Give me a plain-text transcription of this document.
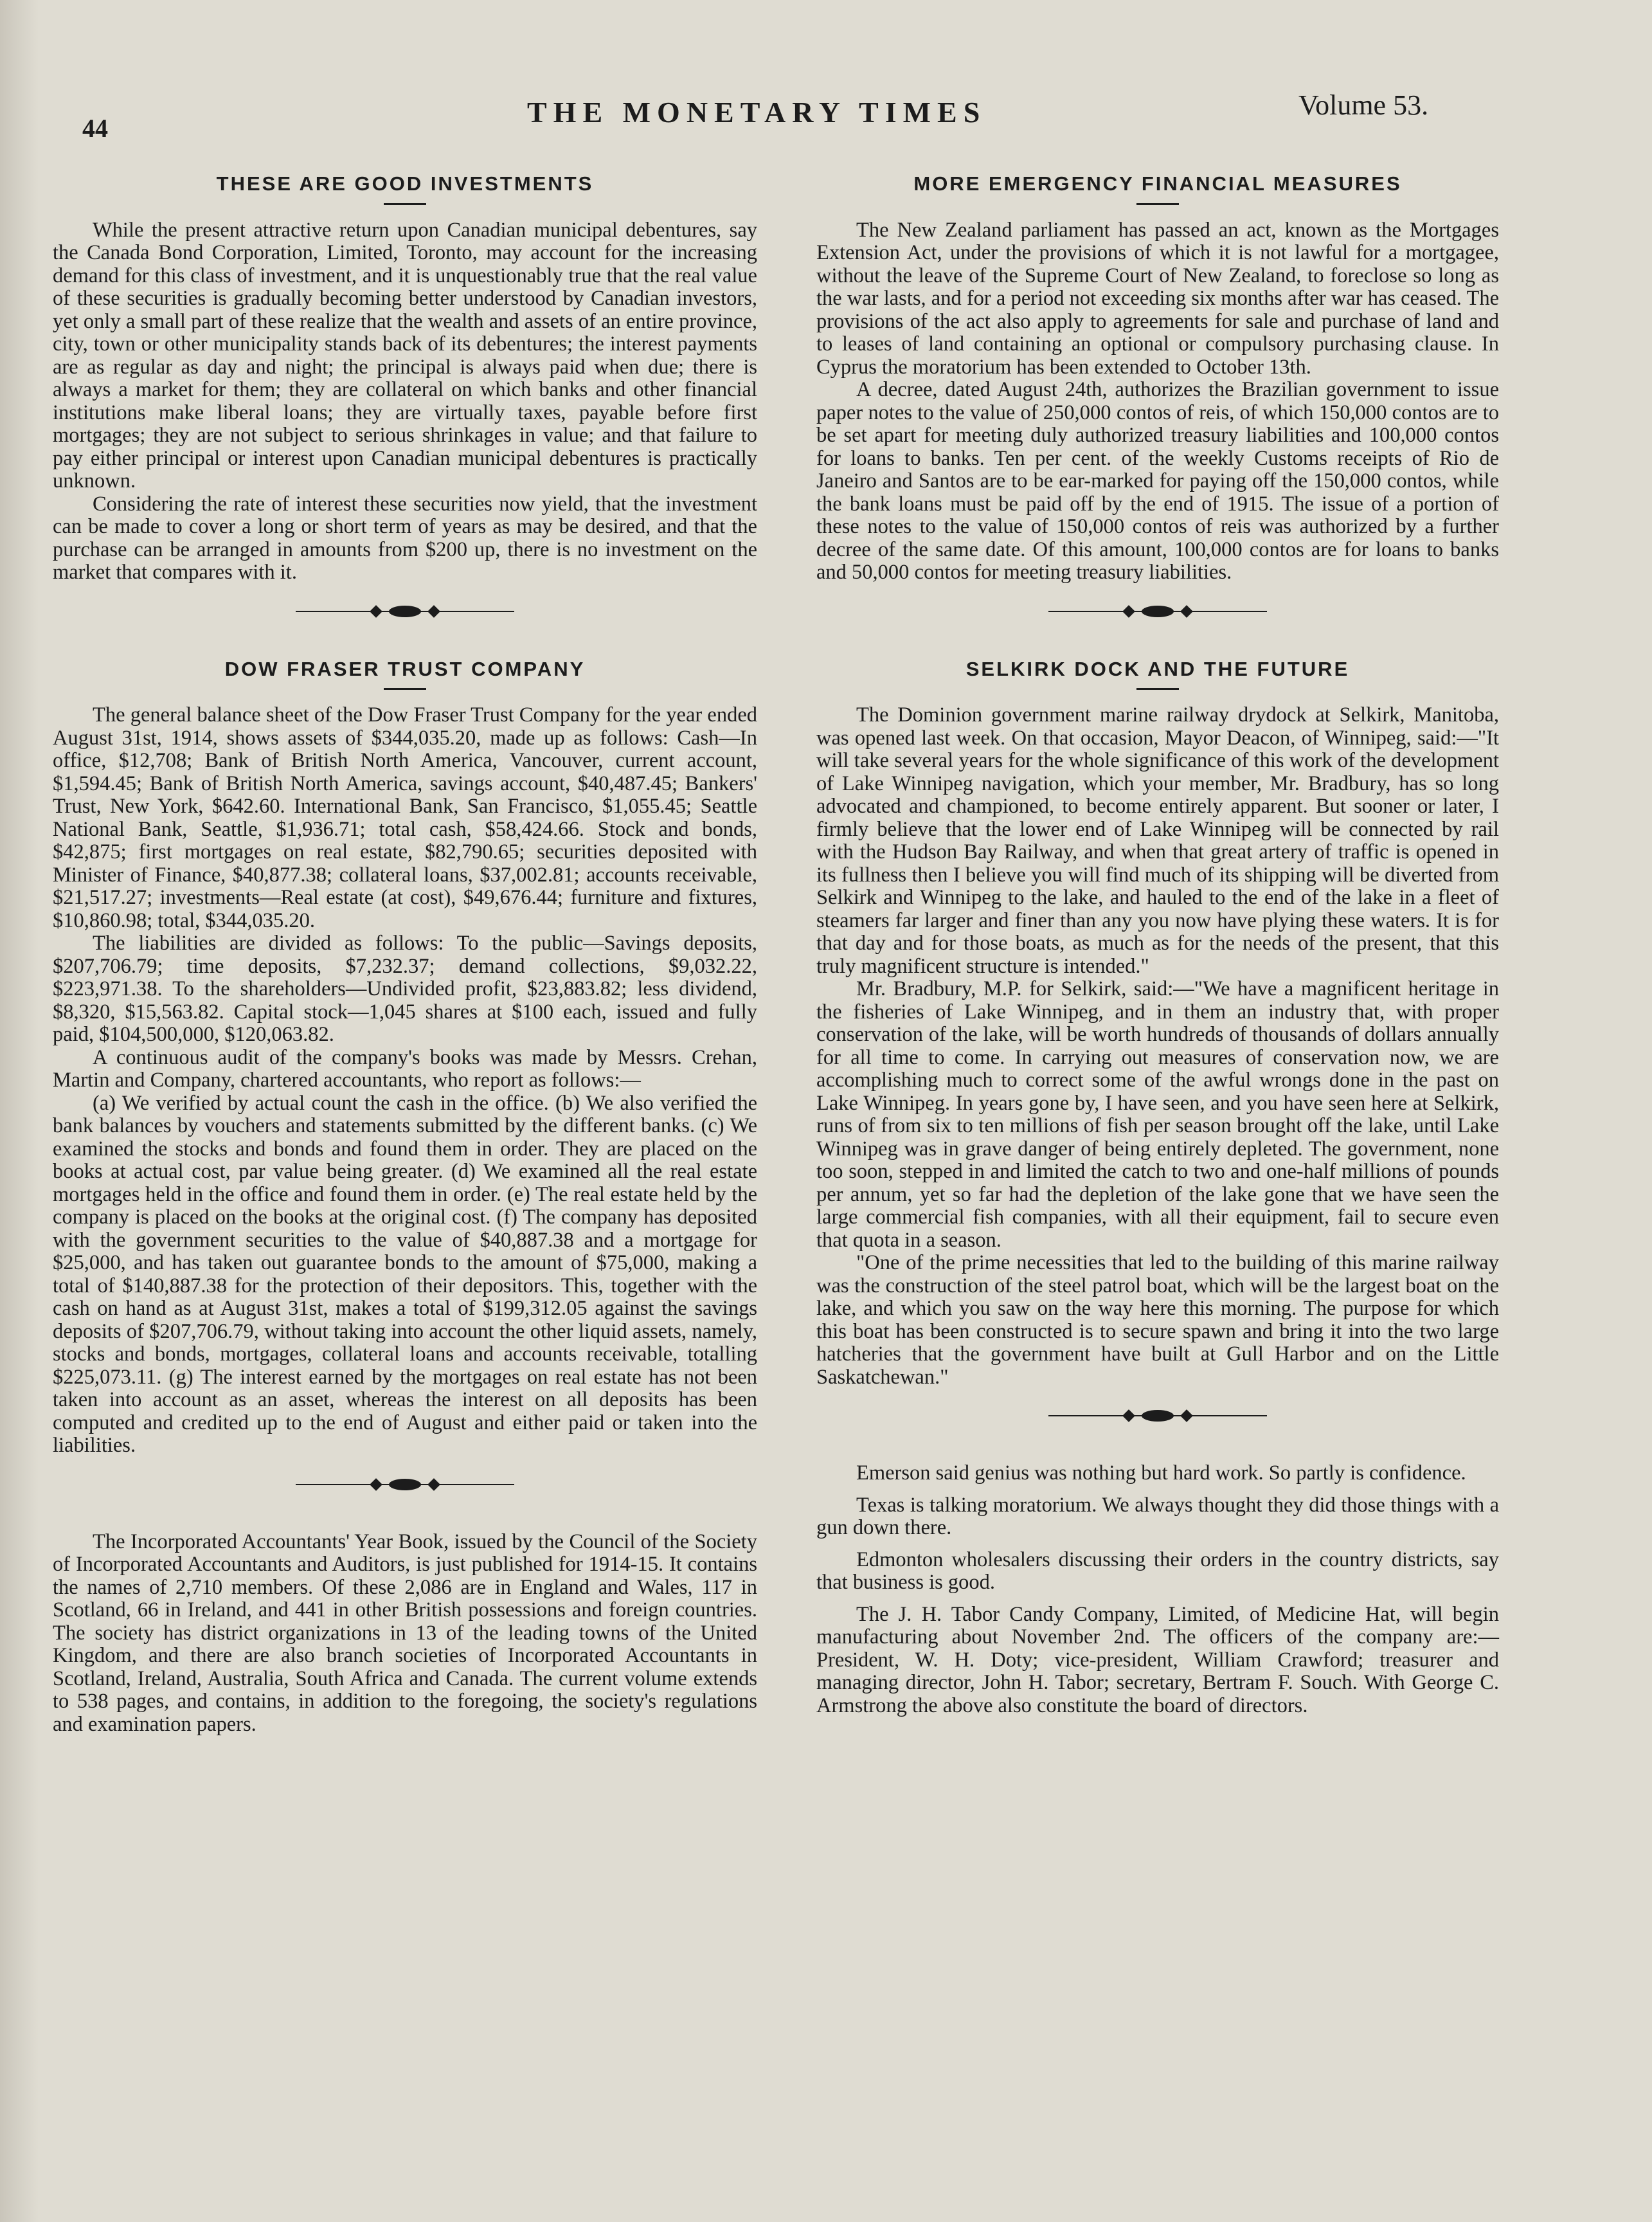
44	THE MONETARY TIMES	Volume 53.
THESE ARE GOOD INVESTMENTS

While the present attractive return upon Canadian municipal debentures, say the Canada Bond Corporation, Limited, Toronto, may account for the increasing demand for this class of investment, and it is unquestionably true that the real value of these securities is gradually becoming better understood by Canadian investors, yet only a small part of these realize that the wealth and assets of an entire province, city, town or other municipality stands back of its debentures; the interest payments are as regular as day and night; the principal is always paid when due; there is always a market for them; they are collateral on which banks and other financial institutions make liberal loans; they are virtually taxes, payable before first mortgages; they are not subject to serious shrinkages in value; and that failure to pay either principal or interest upon Canadian municipal debentures is practically unknown.

Considering the rate of interest these securities now yield, that the investment can be made to cover a long or short term of years as may be desired, and that the purchase can be arranged in amounts from $200 up, there is no investment on the market that compares with it.

DOW FRASER TRUST COMPANY

The general balance sheet of the Dow Fraser Trust Company for the year ended August 31st, 1914, shows assets of $344,035.20, made up as follows: Cash—In office, $12,708; Bank of British North America, Vancouver, current account, $1,594.45; Bank of British North America, savings account, $40,487.45; Bankers' Trust, New York, $642.60. International Bank, San Francisco, $1,055.45; Seattle National Bank, Seattle, $1,936.71; total cash, $58,424.66. Stock and bonds, $42,875; first mortgages on real estate, $82,790.65; securities deposited with Minister of Finance, $40,877.38; collateral loans, $37,002.81; accounts receivable, $21,517.27; investments—Real estate (at cost), $49,676.44; furniture and fixtures, $10,860.98; total, $344,035.20.

The liabilities are divided as follows: To the public—Savings deposits, $207,706.79; time deposits, $7,232.37; demand collections, $9,032.22, $223,971.38. To the shareholders—Undivided profit, $23,883.82; less dividend, $8,320, $15,563.82. Capital stock—1,045 shares at $100 each, issued and fully paid, $104,500,000, $120,063.82.

A continuous audit of the company's books was made by Messrs. Crehan, Martin and Company, chartered accountants, who report as follows:—

(a) We verified by actual count the cash in the office. (b) We also verified the bank balances by vouchers and statements submitted by the different banks. (c) We examined the stocks and bonds and found them in order. They are placed on the books at actual cost, par value being greater. (d) We examined all the real estate mortgages held in the office and found them in order. (e) The real estate held by the company is placed on the books at the original cost. (f) The company has deposited with the government securities to the value of $40,887.38 and a mortgage for $25,000, and has taken out guarantee bonds to the amount of $75,000, making a total of $140,887.38 for the protection of their depositors. This, together with the cash on hand as at August 31st, makes a total of $199,312.05 against the savings deposits of $207,706.79, without taking into account the other liquid assets, namely, stocks and bonds, mortgages, collateral loans and accounts receivable, totalling $225,073.11. (g) The interest earned by the mortgages on real estate has not been taken into account as an asset, whereas the interest on all deposits has been computed and credited up to the end of August and either paid or taken into the liabilities.

The Incorporated Accountants' Year Book, issued by the Council of the Society of Incorporated Accountants and Auditors, is just published for 1914-15. It contains the names of 2,710 members. Of these 2,086 are in England and Wales, 117 in Scotland, 66 in Ireland, and 441 in other British possessions and foreign countries. The society has district organizations in 13 of the leading towns of the United Kingdom, and there are also branch societies of Incorporated Accountants in Scotland, Ireland, Australia, South Africa and Canada. The current volume extends to 538 pages, and contains, in addition to the foregoing, the society's regulations and examination papers.

MORE EMERGENCY FINANCIAL MEASURES

The New Zealand parliament has passed an act, known as the Mortgages Extension Act, under the provisions of which it is not lawful for a mortgagee, without the leave of the Supreme Court of New Zealand, to foreclose so long as the war lasts, and for a period not exceeding six months after war has ceased. The provisions of the act also apply to agreements for sale and purchase of land and to leases of land containing an optional or compulsory purchasing clause. In Cyprus the moratorium has been extended to October 13th.

A decree, dated August 24th, authorizes the Brazilian government to issue paper notes to the value of 250,000 contos of reis, of which 150,000 contos are to be set apart for meeting duly authorized treasury liabilities and 100,000 contos for loans to banks. Ten per cent. of the weekly Customs receipts of Rio de Janeiro and Santos are to be ear-marked for paying off the 150,000 contos, while the bank loans must be paid off by the end of 1915. The issue of a portion of these notes to the value of 150,000 contos of reis was authorized by a further decree of the same date. Of this amount, 100,000 contos are for loans to banks and 50,000 contos for meeting treasury liabilities.

SELKIRK DOCK AND THE FUTURE

The Dominion government marine railway drydock at Selkirk, Manitoba, was opened last week. On that occasion, Mayor Deacon, of Winnipeg, said:—"It will take several years for the whole significance of this work of the development of Lake Winnipeg navigation, which your member, Mr. Bradbury, has so long advocated and championed, to become entirely apparent. But sooner or later, I firmly believe that the lower end of Lake Winnipeg will be connected by rail with the Hudson Bay Railway, and when that great artery of traffic is opened in its fullness then I believe you will find much of its shipping will be diverted from Selkirk and Winnipeg to the lake, and hauled to the end of the lake in a fleet of steamers far larger and finer than any you now have plying these waters. It is for that day and for those boats, as much as for the needs of the present, that this truly magnificent structure is intended."

Mr. Bradbury, M.P. for Selkirk, said:—"We have a magnificent heritage in the fisheries of Lake Winnipeg, and in them an industry that, with proper conservation of the lake, will be worth hundreds of thousands of dollars annually for all time to come. In carrying out measures of conservation now, we are accomplishing much to correct some of the awful wrongs done in the past on Lake Winnipeg. In years gone by, I have seen, and you have seen here at Selkirk, runs of from six to ten millions of fish per season brought off the lake, until Lake Winnipeg was in grave danger of being entirely depleted. The government, none too soon, stepped in and limited the catch to two and one-half millions of pounds per annum, yet so far had the depletion of the lake gone that we have seen the large commercial fish companies, with all their equipment, fail to secure even that quota in a season.

"One of the prime necessities that led to the building of this marine railway was the construction of the steel patrol boat, which will be the largest boat on the lake, and which you saw on the way here this morning. The purpose for which this boat has been constructed is to secure spawn and bring it into the two large hatcheries that the government have built at Gull Harbor and on the Little Saskatchewan."

Emerson said genius was nothing but hard work. So partly is confidence.

Texas is talking moratorium. We always thought they did those things with a gun down there.

Edmonton wholesalers discussing their orders in the country districts, say that business is good.

The J. H. Tabor Candy Company, Limited, of Medicine Hat, will begin manufacturing about November 2nd. The officers of the company are:—President, W. H. Doty; vice-president, William Crawford; treasurer and managing director, John H. Tabor; secretary, Bertram F. Souch. With George C. Armstrong the above also constitute the board of directors.
